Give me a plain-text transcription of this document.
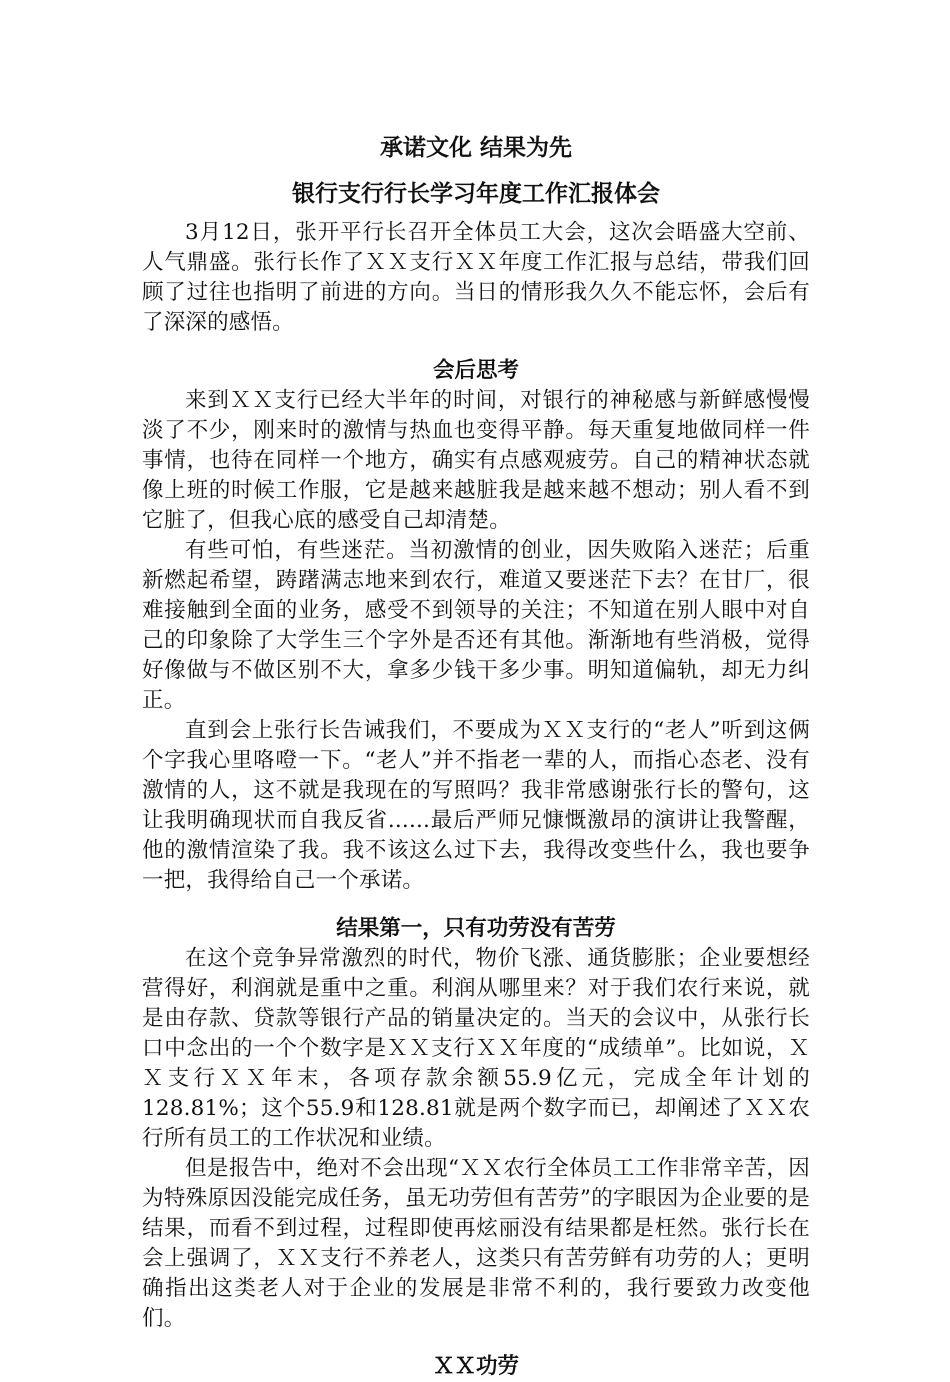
承诺文化 结果为先
银行支行行长学习年度工作汇报体会

3月12日，张开平行长召开全体员工大会，这次会晤盛大空前、人气鼎盛。张行长作了ＸＸ支行ＸＸ年度工作汇报与总结，带我们回顾了过往也指明了前进的方向。当日的情形我久久不能忘怀，会后有了深深的感悟。

会后思考

来到ＸＸ支行已经大半年的时间，对银行的神秘感与新鲜感慢慢淡了不少，刚来时的激情与热血也变得平静。每天重复地做同样一件事情，也待在同样一个地方，确实有点感观疲劳。自己的精神状态就像上班的时候工作服，它是越来越脏我是越来越不想动；别人看不到它脏了，但我心底的感受自己却清楚。

有些可怕，有些迷茫。当初激情的创业，因失败陷入迷茫；后重新燃起希望，踌躇满志地来到农行，难道又要迷茫下去？在甘厂，很难接触到全面的业务，感受不到领导的关注；不知道在别人眼中对自己的印象除了大学生三个字外是否还有其他。渐渐地有些消极，觉得好像做与不做区别不大，拿多少钱干多少事。明知道偏轨，却无力纠正。

直到会上张行长告诫我们，不要成为ＸＸ支行的“老人”听到这俩个字我心里咯噔一下。“老人”并不指老一辈的人，而指心态老、没有激情的人，这不就是我现在的写照吗？我非常感谢张行长的警句，这让我明确现状而自我反省......最后严师兄慷慨激昂的演讲让我警醒，他的激情渲染了我。我不该这么过下去，我得改变些什么，我也要争一把，我得给自己一个承诺。

结果第一，只有功劳没有苦劳

在这个竞争异常激烈的时代，物价飞涨、通货膨胀；企业要想经营得好，利润就是重中之重。利润从哪里来？对于我们农行来说，就是由存款、贷款等银行产品的销量决定的。当天的会议中，从张行长口中念出的一个个数字是ＸＸ支行ＸＸ年度的“成绩单”。比如说，ＸＸ支行ＸＸ年末，各项存款余额55.9亿元，完成全年计划的128.81%；这个55.9和128.81就是两个数字而已，却阐述了ＸＸ农行所有员工的工作状况和业绩。

但是报告中，绝对不会出现“ＸＸ农行全体员工工作非常辛苦，因为特殊原因没能完成任务，虽无功劳但有苦劳”的字眼因为企业要的是结果，而看不到过程，过程即使再炫丽没有结果都是枉然。张行长在会上强调了，ＸＸ支行不养老人，这类只有苦劳鲜有功劳的人；更明确指出这类老人对于企业的发展是非常不利的，我行要致力改变他们。

ＸＸ功劳
